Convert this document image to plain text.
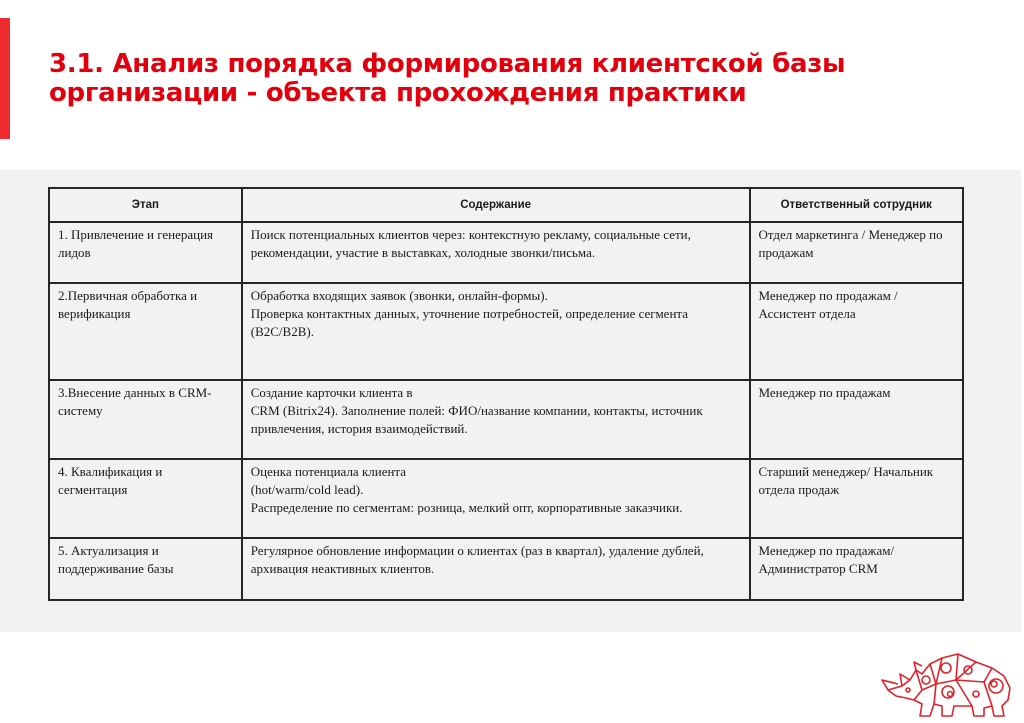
3.1. Анализ порядка формирования клиентской базы
организации - объекта прохождения практики
Этап	Содержание	Ответственный сотрудник
1. Привлечение и генерация лидов	Поиск потенциальных клиентов через: контекстную рекламу, социальные сети, рекомендации, участие в выставках, холодные звонки/письма.	Отдел маркетинга / Менеджер по продажам
2.Первичная обработка и верификация	Обработка входящих заявок (звонки, онлайн-формы).
Проверка контактных данных, уточнение потребностей, определение сегмента
(B2C/B2B).	Менеджер по продажам / Ассистент отдела
3.Внесение данных в CRM-систему	Создание карточки клиента в
CRM (Bitrix24). Заполнение полей: ФИО/название компании, контакты, источник привлечения, история взаимодействий.	Менеджер по прадажам
4. Квалификация и сегментация	Оценка потенциала клиента
(hot/warm/cold lead).
Распределение по сегментам: розница, мелкий опт, корпоративные заказчики.	Старший менеджер/ Начальник отдела продаж
5. Актуализация и поддерживание базы	Регулярное обновление информации о клиентах (раз в квартал), удаление дублей, архивация неактивных клиентов.	Менеджер по прадажам/Администратор CRM
